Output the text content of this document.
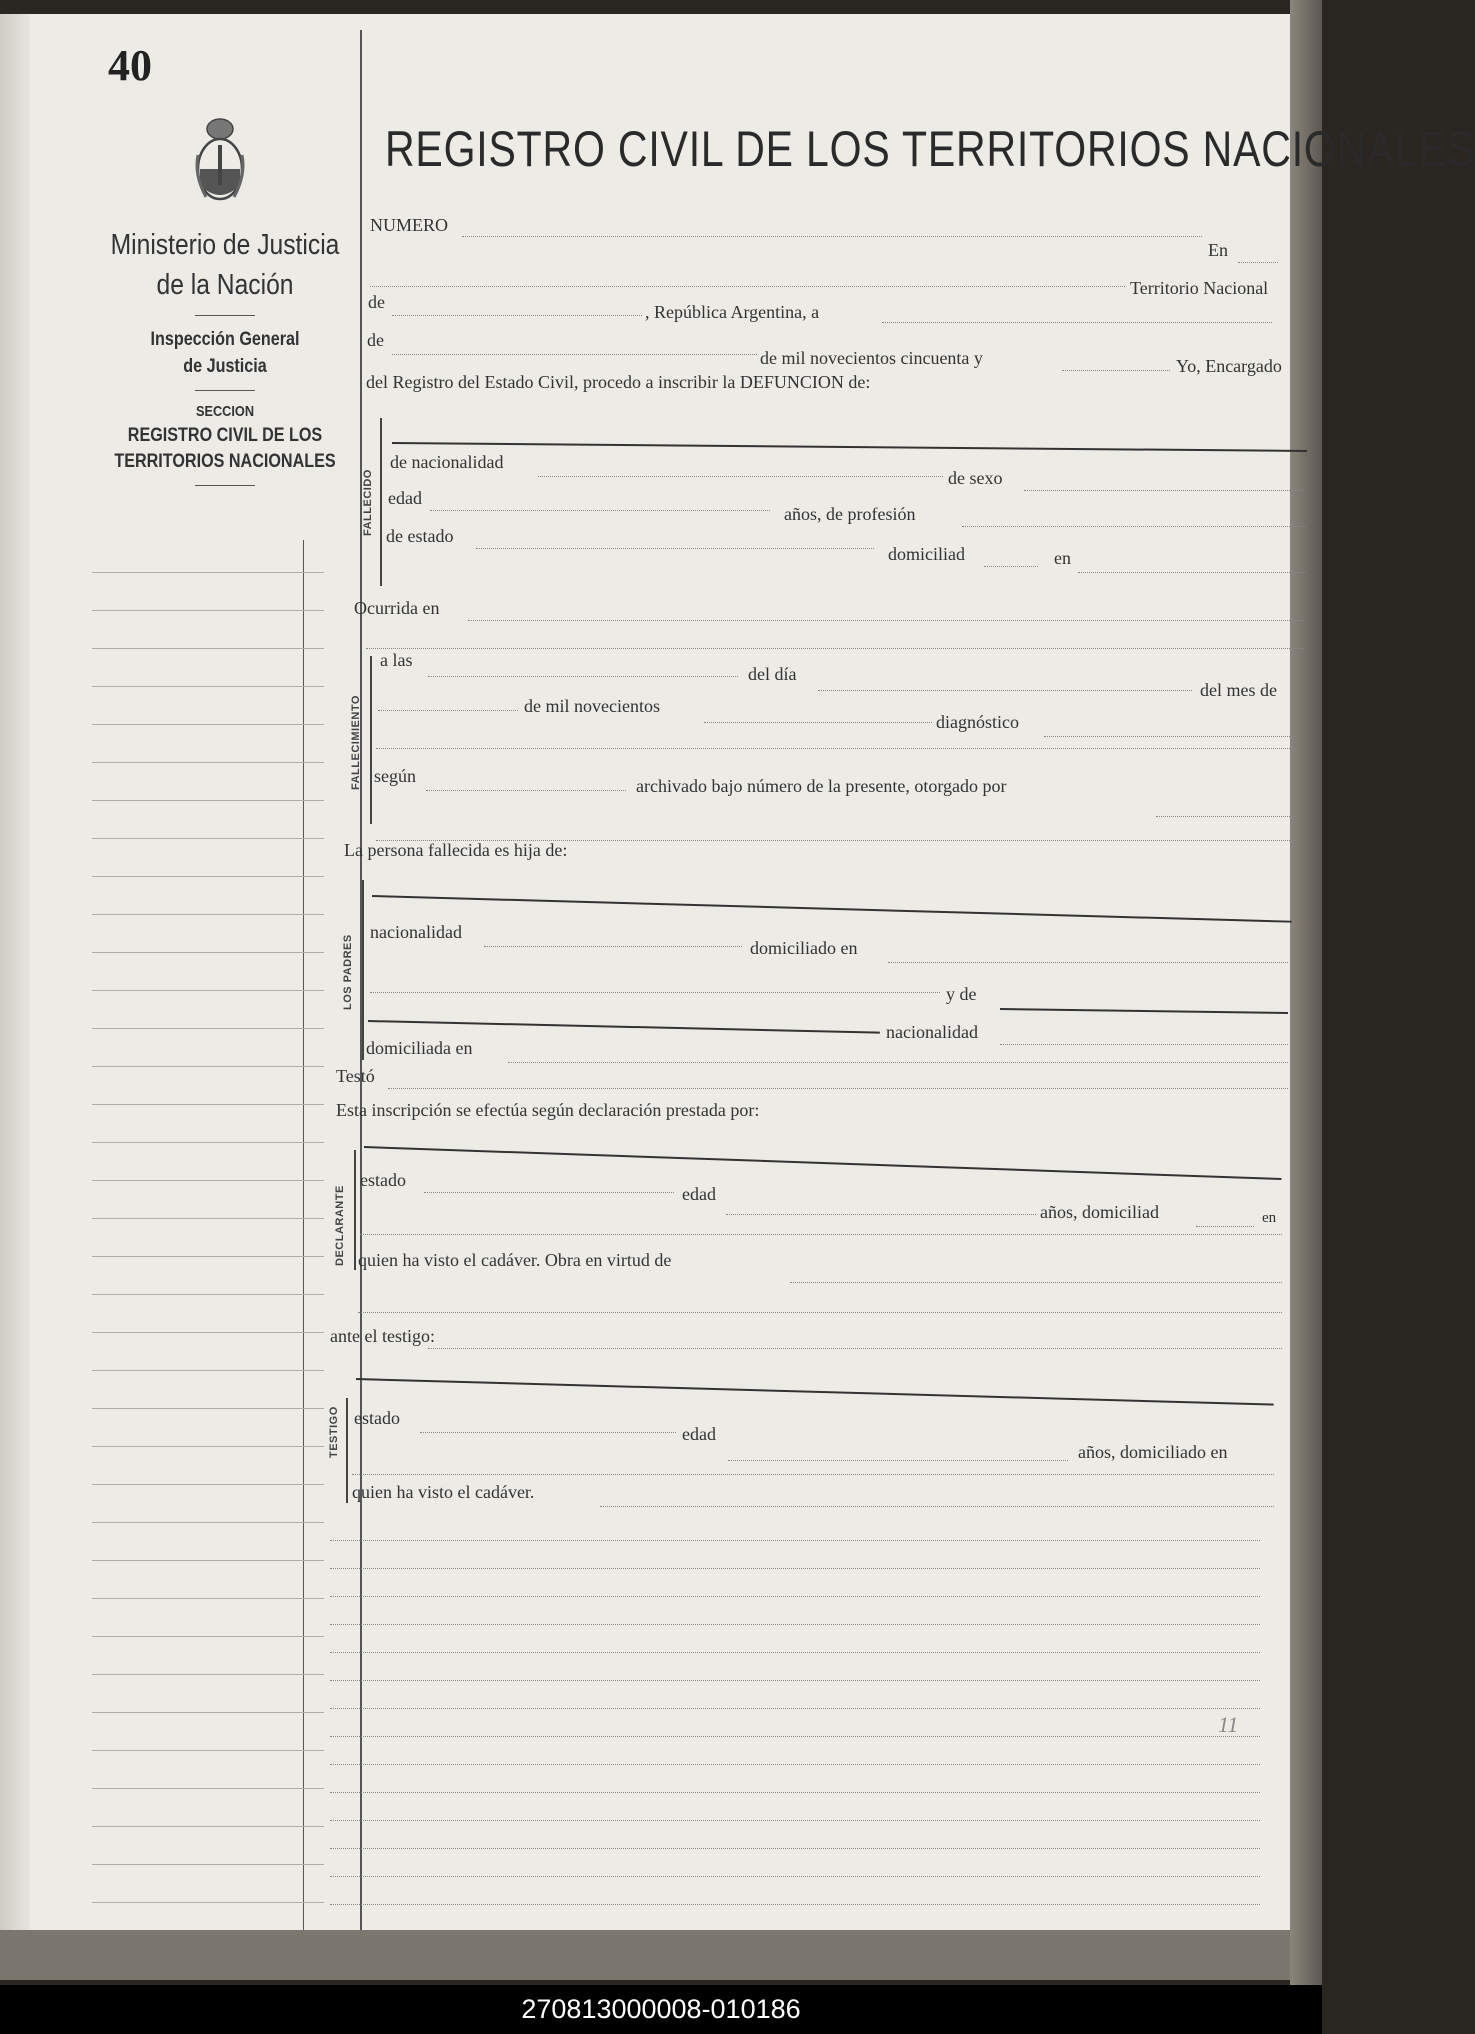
40
Ministerio de Justicia
de la Nación
Inspección General
de Justicia
SECCION
REGISTRO CIVIL DE LOS
TERRITORIOS NACIONALES
REGISTRO CIVIL DE LOS TERRITORIOS NACIONALES
NUMERO
En
Territorio Nacional
de	, República Argentina, a
de
de mil novecientos cincuenta y	Yo, Encargado
del Registro del Estado Civil, procedo a inscribir la DEFUNCION de:
FALLECIDO
de nacionalidad
de sexo
edad
años, de profesión
de estado
domiciliad	en
Ocurrida en
FALLECIMIENTO
a las
del día
del mes de
de mil novecientos
diagnóstico
según	archivado bajo número de la presente, otorgado por
La persona fallecida es hija de:
LOS PADRES
nacionalidad
domiciliado en
y de
nacionalidad
domiciliada en
Testó
Esta inscripción se efectúa según declaración prestada por:
DECLARANTE
estado
edad
años, domiciliad	en
quien ha visto el cadáver. Obra en virtud de
ante el testigo:
TESTIGO estado
edad
años, domiciliado en
quien ha visto el cadáver.
11
270813000008-010186
